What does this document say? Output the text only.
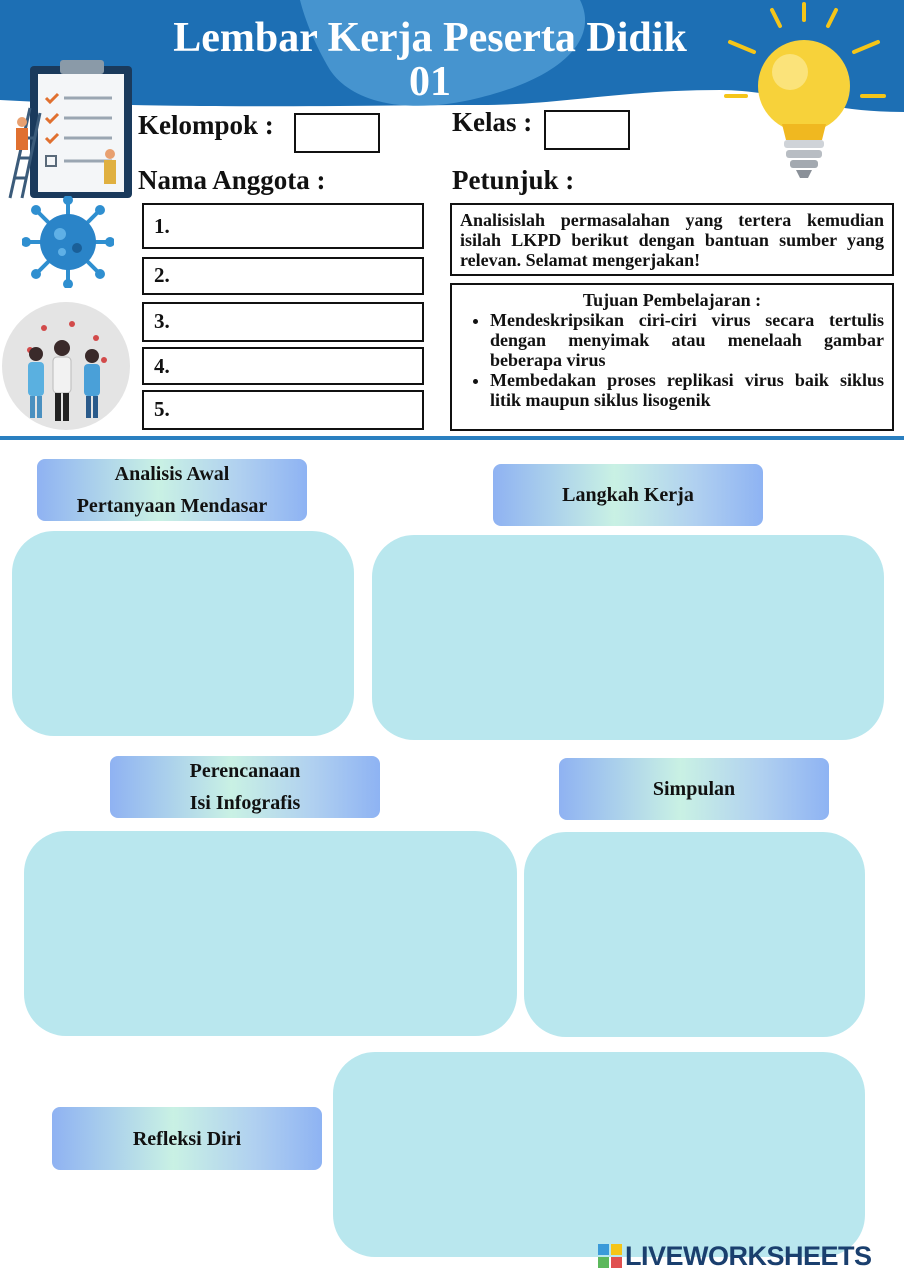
Lembar Kerja Peserta Didik
01
Kelompok :	Kelas :
Nama Anggota :	Petunjuk :
1.
2.
3.
4.
5.
Analisislah permasalahan yang tertera kemudian isilah LKPD berikut dengan bantuan sumber yang relevan. Selamat mengerjakan!
Tujuan Pembelajaran :
• Mendeskripsikan ciri-ciri virus secara tertulis dengan menyimak atau menelaah gambar beberapa virus
• Membedakan proses replikasi virus baik siklus litik maupun siklus lisogenik
Analisis Awal
Pertanyaan Mendasar	Langkah Kerja
Perencanaan
Isi Infografis
Simpulan
Refleksi Diri
LIVEWORKSHEETS
